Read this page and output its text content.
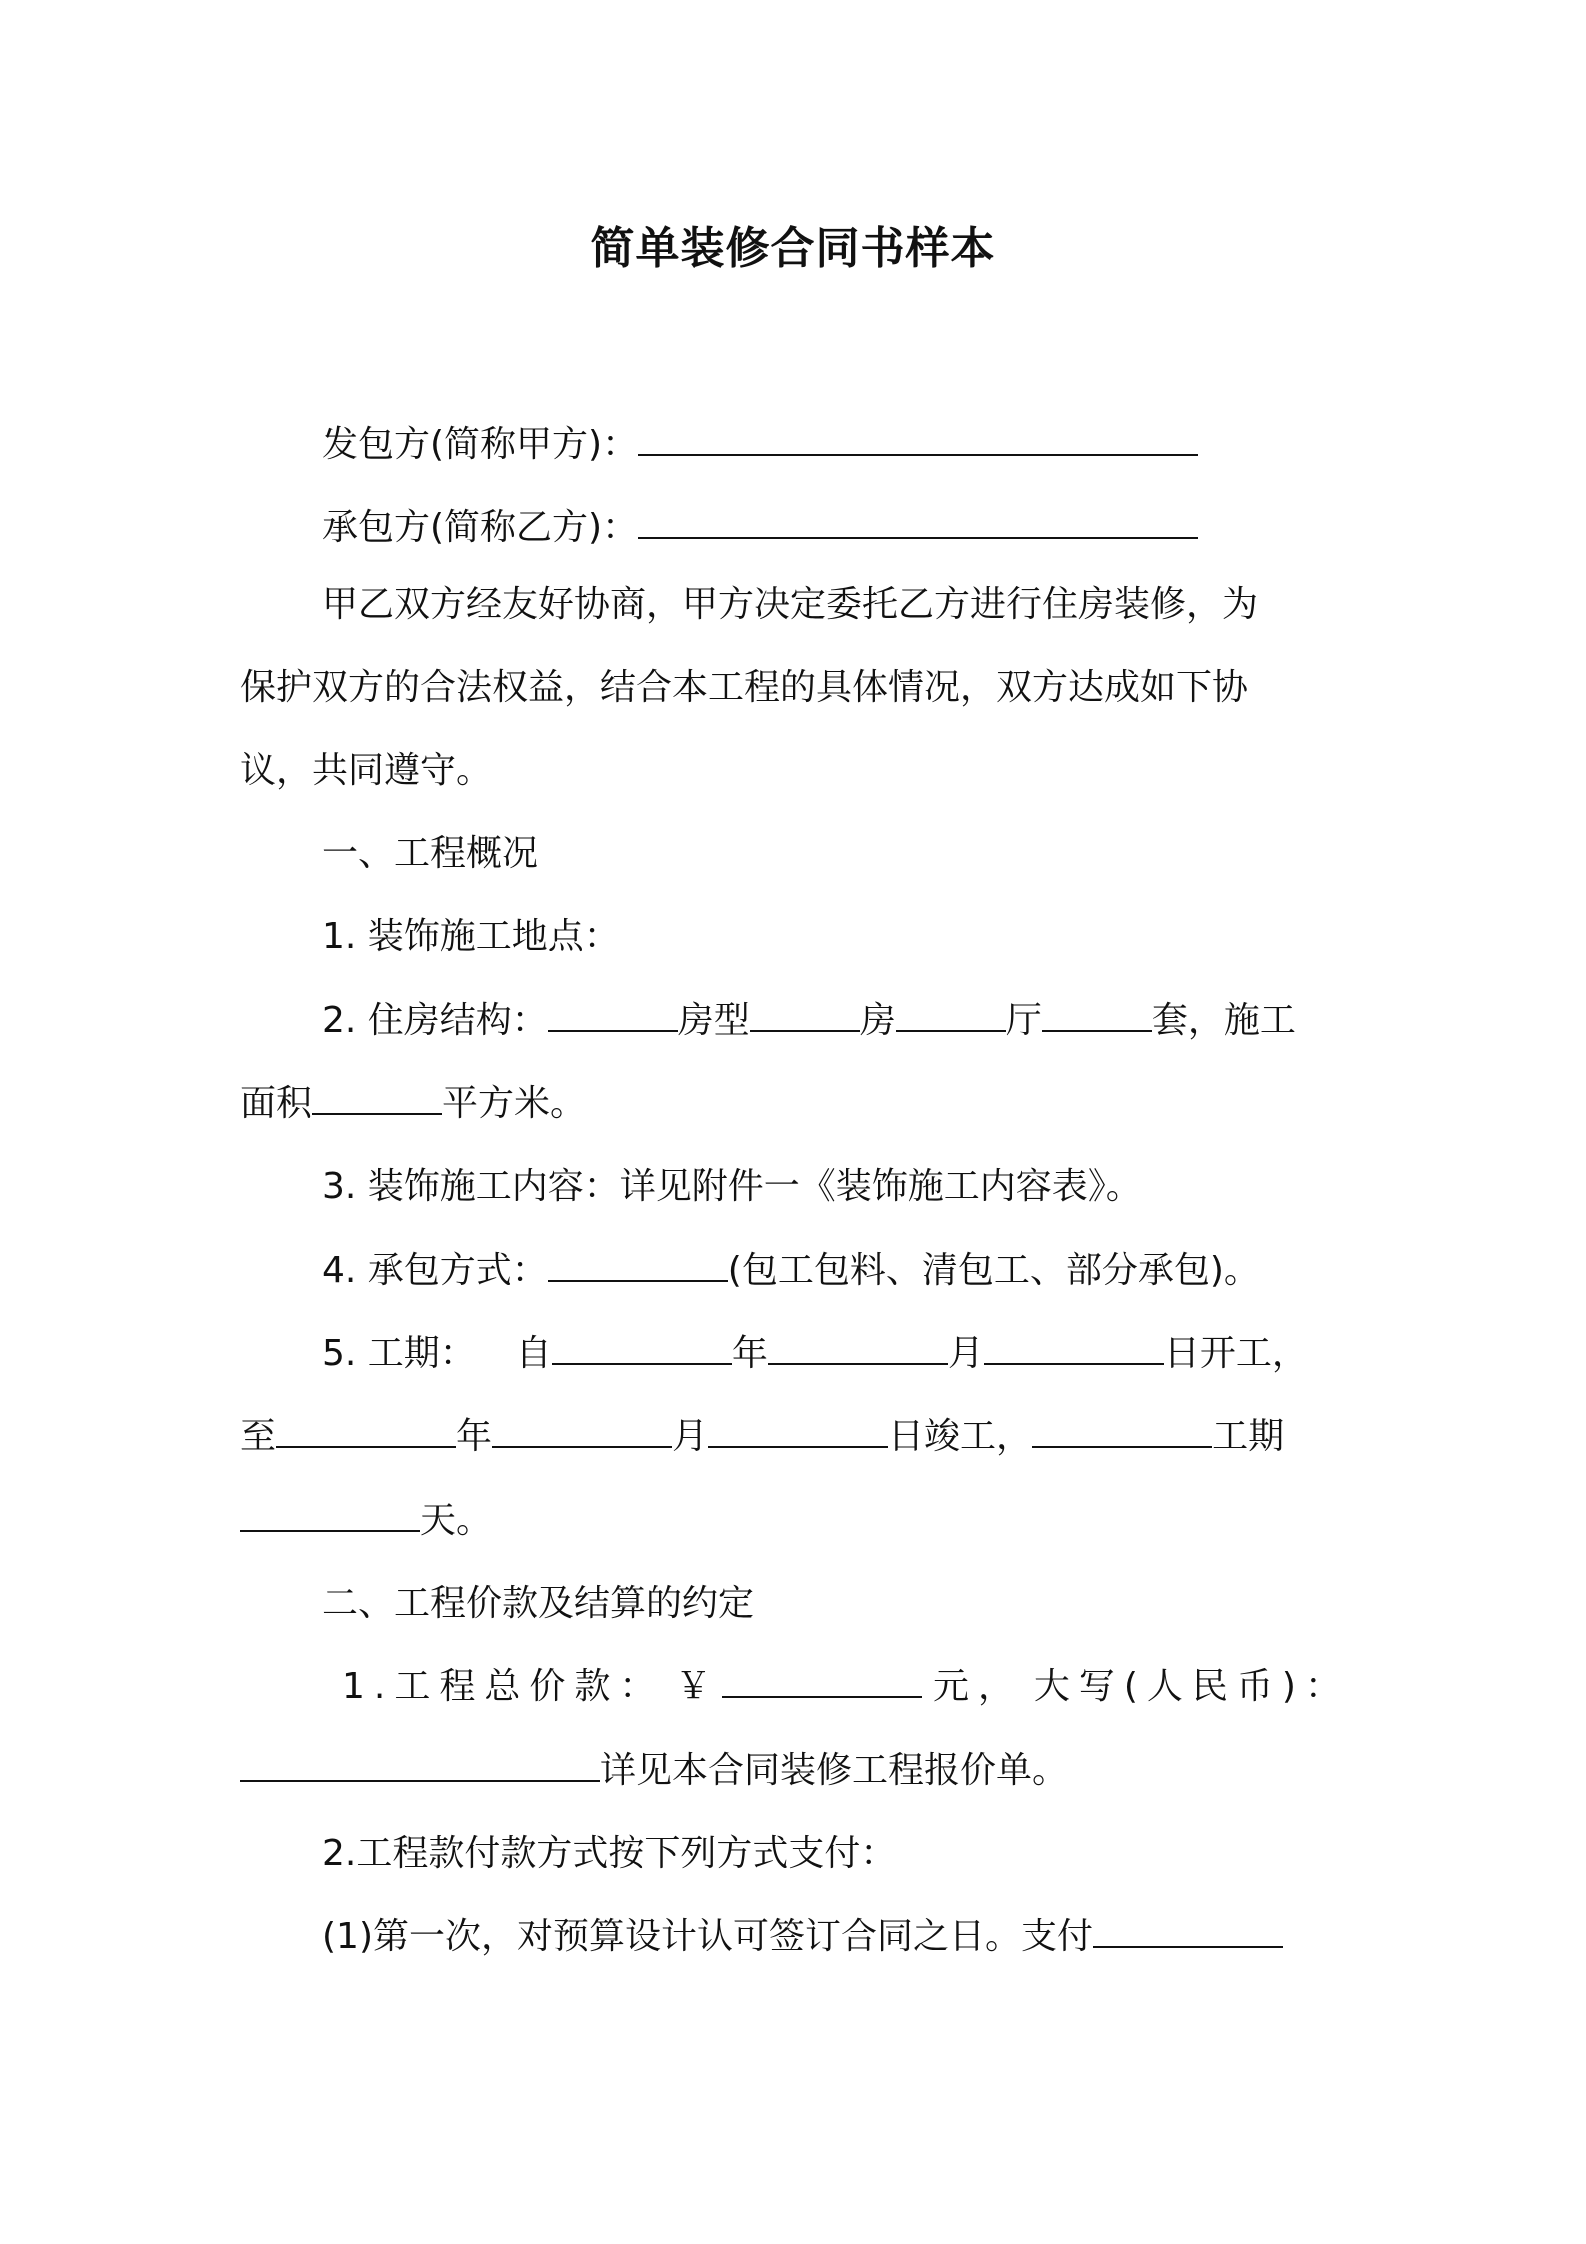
简单装修合同书样本
发包方(简称甲方)：
承包方(简称乙方)：
甲乙双方经友好协商，甲方决定委托乙方进行住房装修，为
保护双方的合法权益，结合本工程的具体情况，双方达成如下协
议，共同遵守。
一、工程概况
1. 装饰施工地点：
2. 住房结构：	房型	房	厅	套，施工
面积	平方米。
3. 装饰施工内容：详见附件一《装饰施工内容表》。
4. 承包方式：	(包工包料、清包工、部分承包)。
5. 工期： 自	年	月	日开工，
至	年	月	日竣工，	工期
天。
二、工程价款及结算的约定
1.工程总价款： ￥	元， 大写(人民币)：
详见本合同装修工程报价单。
2.工程款付款方式按下列方式支付：
(1)第一次，对预算设计认可签订合同之日。支付
